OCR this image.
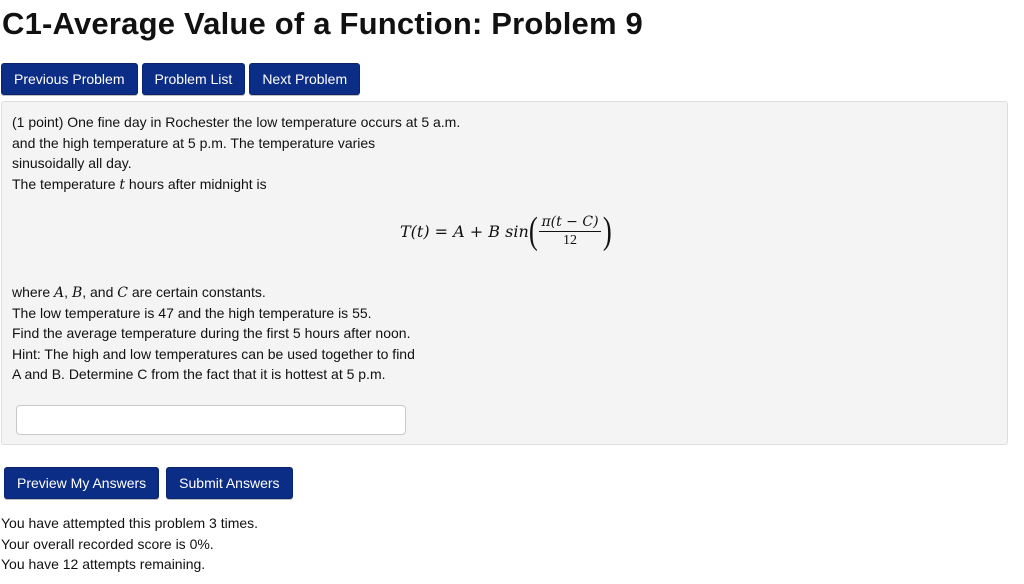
C1-Average Value of a Function: Problem 9
Previous Problem	Problem List	Next Problem
(1 point) One fine day in Rochester the low temperature occurs at 5 a.m.
and the high temperature at 5 p.m. The temperature varies
sinusoidally all day.
The temperature t hours after midnight is
T(t) = A + B sin ( $\frac{\pi(t - C)}{12}$ )
where A, B, and C are certain constants.
The low temperature is 47 and the high temperature is 55.
Find the average temperature during the first 5 hours after noon.
Hint: The high and low temperatures can be used together to find
A and B. Determine C from the fact that it is hottest at 5 p.m.
Preview My Answers	Submit Answers
You have attempted this problem 3 times.
Your overall recorded score is 0%.
You have 12 attempts remaining.
